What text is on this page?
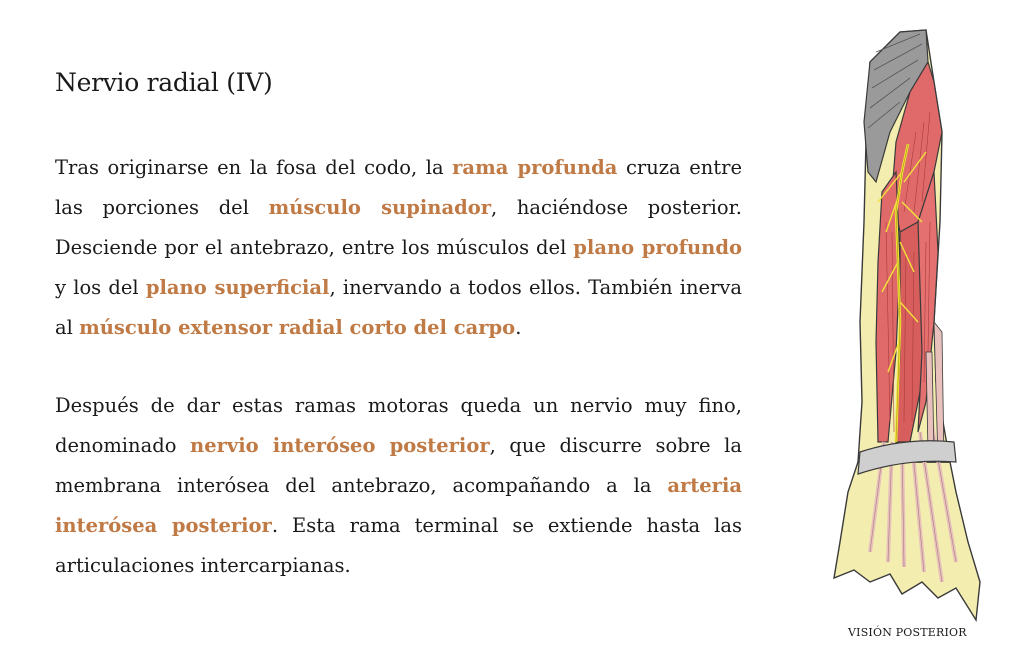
Nervio radial (IV)

Tras originarse en la fosa del codo, la rama profunda cruza entre las porciones del músculo supinador, haciéndose posterior. Desciende por el antebrazo, entre los músculos del plano profundo y los del plano superficial, inervando a todos ellos. También inerva al músculo extensor radial corto del carpo.

Después de dar estas ramas motoras queda un nervio muy fino, denominado nervio interóseo posterior, que discurre sobre la membrana interósea del antebrazo, acompañando a la arteria interósea posterior. Esta rama terminal se extiende hasta las articulaciones intercarpianas.

VISIÓN POSTERIOR
